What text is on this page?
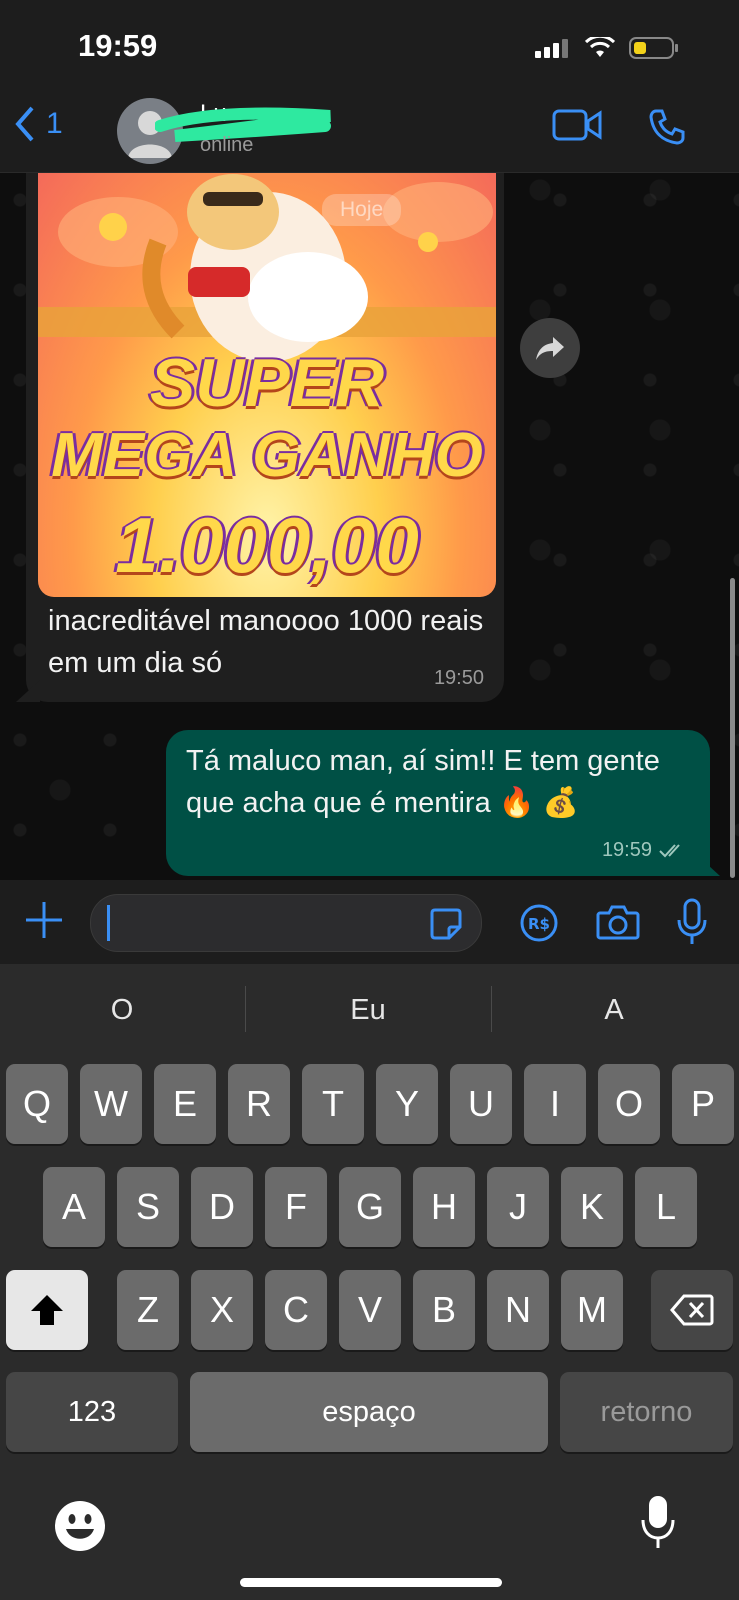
SUPER
MEGA GANHO
1.000,00
inacreditável manoooo 1000 reais em um dia só	19:50
Hoje
Tá maluco man, aí sim!! E tem gente que acha que é mentira 🔥 💰
19:59
19:59
1	Lu
online
R$
O	Eu	A
Q	W	E	R	T	Y	U	I	O	P
A	S	D	F	G	H	J	K	L
Z	X	C	V	B	N	M
123	espaço	retorno
